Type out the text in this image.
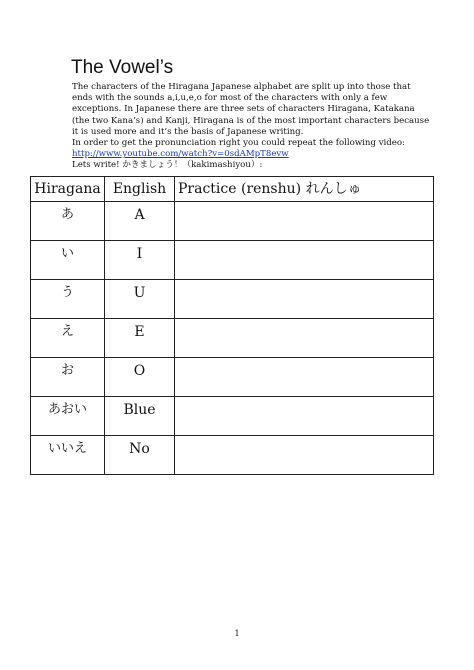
The Vowel’s
The characters of the Hiragana Japanese alphabet are split up into those that
ends with the sounds a,i,u,e,o for most of the characters with only a few
exceptions. In Japanese there are three sets of characters Hiragana, Katakana
(the two Kana’s) and Kanji, Hiragana is of the most important characters because
it is used more and it’s the basis of Japanese writing.
In order to get the pronunciation right you could repeat the following video:
http://www.youtube.com/watch?v=0sdAMpT8evw
Lets write! かきましょう！（kakimashiyou）:
Hiragana	English	Practice (renshu) れんしゅ
あ	A	
い	I	
う	U	
え	E	
お	O	
あおい	Blue	
いいえ	No	
1
